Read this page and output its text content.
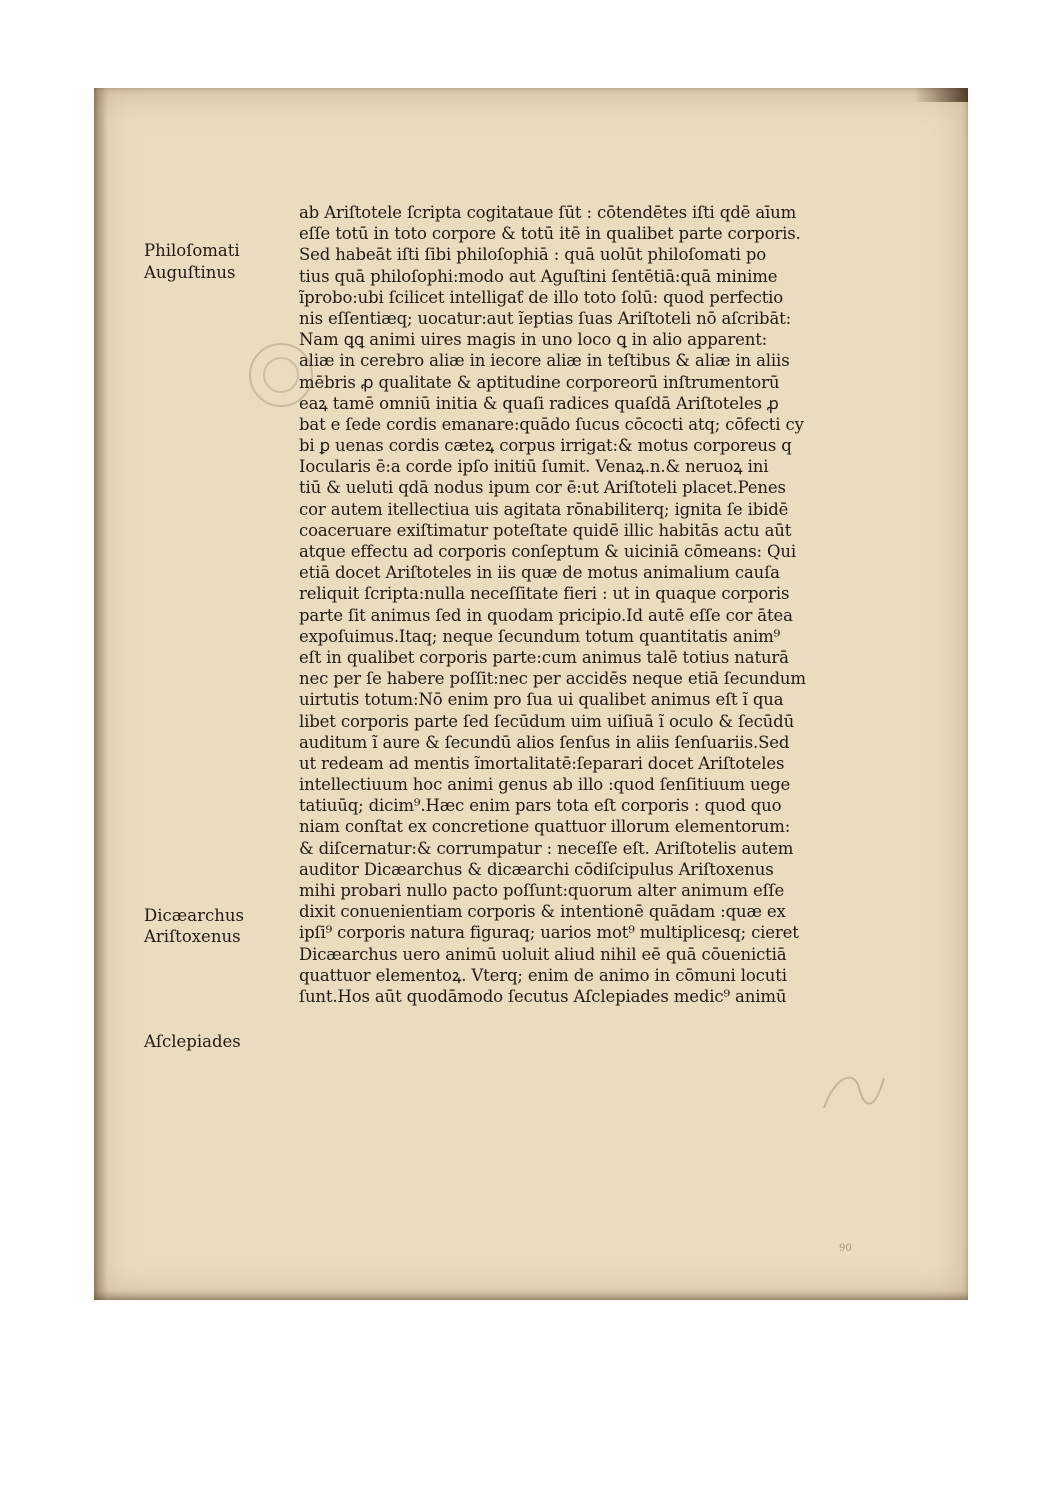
Philoſomati

Auguſtinus

Dicæarchus

Ariſtoxenus

Aſclepiades

ab Ariſtotele ſcripta cogitataue ſūt : cōtendētes iſti qdē aīum
eſſe totū in toto corpore & totū itē in qualibet parte corporis.
Sed habeāt iſti ſibi philoſophiā : quā uolūt philoſomati po
tius quā philoſophi:modo aut Aguſtini ſentētiā:quā minime
ĩprobo:ubi ſcilicet intelligaƭ de illo toto ſolū: quod perfectio
nis eſſentiæq; uocatur:aut ĩeptias ſuas Ariſtoteli nō aſcribāt:
Nam ꝗꝗ animi uires magis in uno loco ꝗ in alio apparent:
aliæ in cerebro aliæ in iecore aliæ in teſtibus & aliæ in aliis
mēbris ꝓ qualitate & aptitudine corporeorū inſtrumentorū
eaꝝ tamē omniū initia & quaſi radices quaſdā Ariſtoteles ꝓ
bat e ſede cordis emanare:quādo ſucus cōcocti atq; cōfecti cy
bi ꝑ uenas cordis cæteꝝ corpus irrigat:& motus corporeus q
Iocularis ē:a corde ipſo initiū ſumit. Venaꝝ.n.& neruoꝝ ini
tiū & ueluti qdā nodus ipum cor ē:ut Ariſtoteli placet.Penes
cor autem itellectiua uis agitata rōnabiliterq; ignita ſe ibidē
coaceruare exiſtimatur poteſtate quidē illic habitās actu aūt
atque effectu ad corporis conſeptum & uiciniā cōmeans: Qui
etiā docet Ariſtoteles in iis quæ de motus animalium cauſa
reliquit ſcripta:nulla neceſſitate fieri : ut in quaque corporis
parte ſit animus ſed in quodam pricipio.Id autē eſſe cor ātea
expoſuimus.Itaq; neque ſecundum totum quantitatis anim⁹
eſt in qualibet corporis parte:cum animus talē totius naturā
nec per ſe habere poſſit:nec per accidēs neque etiā ſecundum
uirtutis totum:Nō enim pro ſua ui qualibet animus eſt ĩ qua
libet corporis parte ſed ſecūdum uim uiſiuā ĩ oculo & ſecūdū
auditum ĩ aure & ſecundū alios ſenſus in aliis ſenſuariis.Sed
ut redeam ad mentis ĩmortalitatē:ſeparari docet Ariſtoteles
intellectiuum hoc animi genus ab illo :quod ſenſitiuum uege
tatiuūq; dicim⁹.Hæc enim pars tota eſt corporis : quod quo
niam conſtat ex concretione quattuor illorum elementorum:
& diſcernatur:& corrumpatur : neceſſe eſt. Ariſtotelis autem
auditor Dicæarchus & dicæarchi cōdiſcipulus Ariſtoxenus
mihi probari nullo pacto poſſunt:quorum alter animum eſſe
dixit conuenientiam corporis & intentionē quādam :quæ ex
ipſi⁹ corporis natura figuraq; uarios mot⁹ multiplicesq; cieret
Dicæarchus uero animū uoluit aliud nihil eē quā cōuenictiā
quattuor elementoꝝ. Vterq; enim de animo in cōmuni locuti
ſunt.Hos aūt quodāmodo ſecutus Aſclepiades medic⁹ animū
90
